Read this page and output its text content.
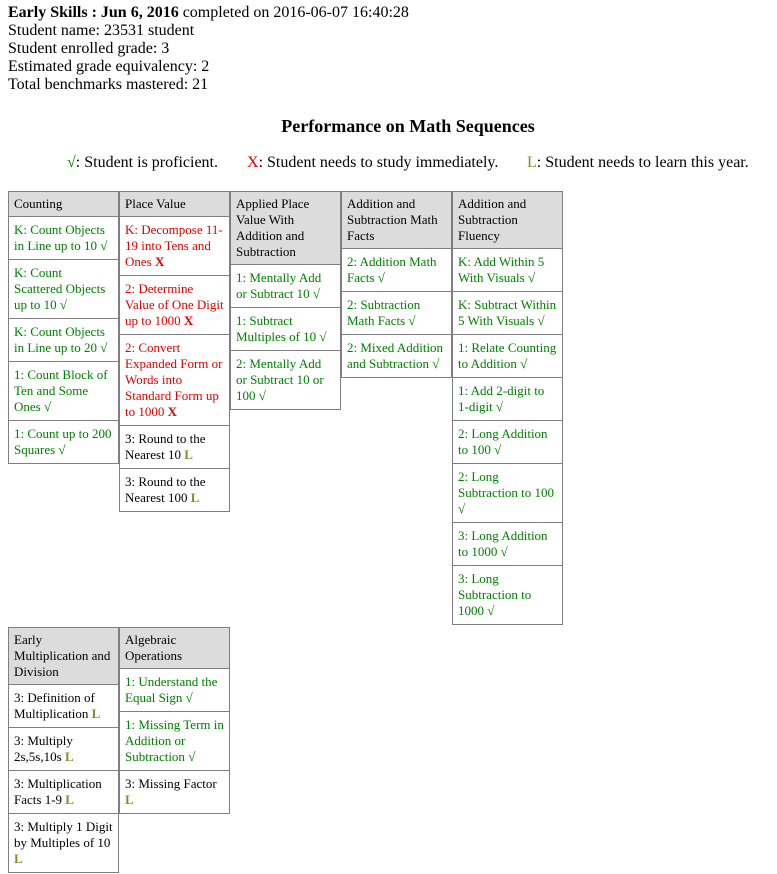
Early Skills : Jun 6, 2016 completed on 2016-06-07 16:40:28
Student name: 23531 student
Student enrolled grade: 3
Estimated grade equivalency: 2
Total benchmarks mastered: 21
Performance on Math Sequences
√: Student is proficient. X: Student needs to study immediately. L: Student needs to learn this year.
Counting
K: Count Objects in Line up to 10 √
K: Count Scattered Objects up to 10 √
K: Count Objects in Line up to 20 √
1: Count Block of Ten and Some Ones √
1: Count up to 200 Squares √
Place Value
K: Decompose 11-19 into Tens and Ones X
2: Determine Value of One Digit up to 1000 X
2: Convert Expanded Form or Words into Standard Form up to 1000 X
3: Round to the Nearest 10 L
3: Round to the Nearest 100 L
Applied Place Value With Addition and Subtraction
1: Mentally Add or Subtract 10 √
1: Subtract Multiples of 10 √
2: Mentally Add or Subtract 10 or 100 √
Addition and Subtraction Math Facts
2: Addition Math Facts √
2: Subtraction Math Facts √
2: Mixed Addition and Subtraction √
Addition and Subtraction Fluency
K: Add Within 5 With Visuals √
K: Subtract Within 5 With Visuals √
1: Relate Counting to Addition √
1: Add 2-digit to 1-digit √
2: Long Addition to 100 √
2: Long Subtraction to 100 √
3: Long Addition to 1000 √
3: Long Subtraction to 1000 √
Early Multiplication and Division
3: Definition of Multiplication L
3: Multiply 2s,5s,10s L
3: Multiplication Facts 1-9 L
3: Multiply 1 Digit by Multiples of 10 L
Algebraic Operations
1: Understand the Equal Sign √
1: Missing Term in Addition or Subtraction √
3: Missing Factor L
